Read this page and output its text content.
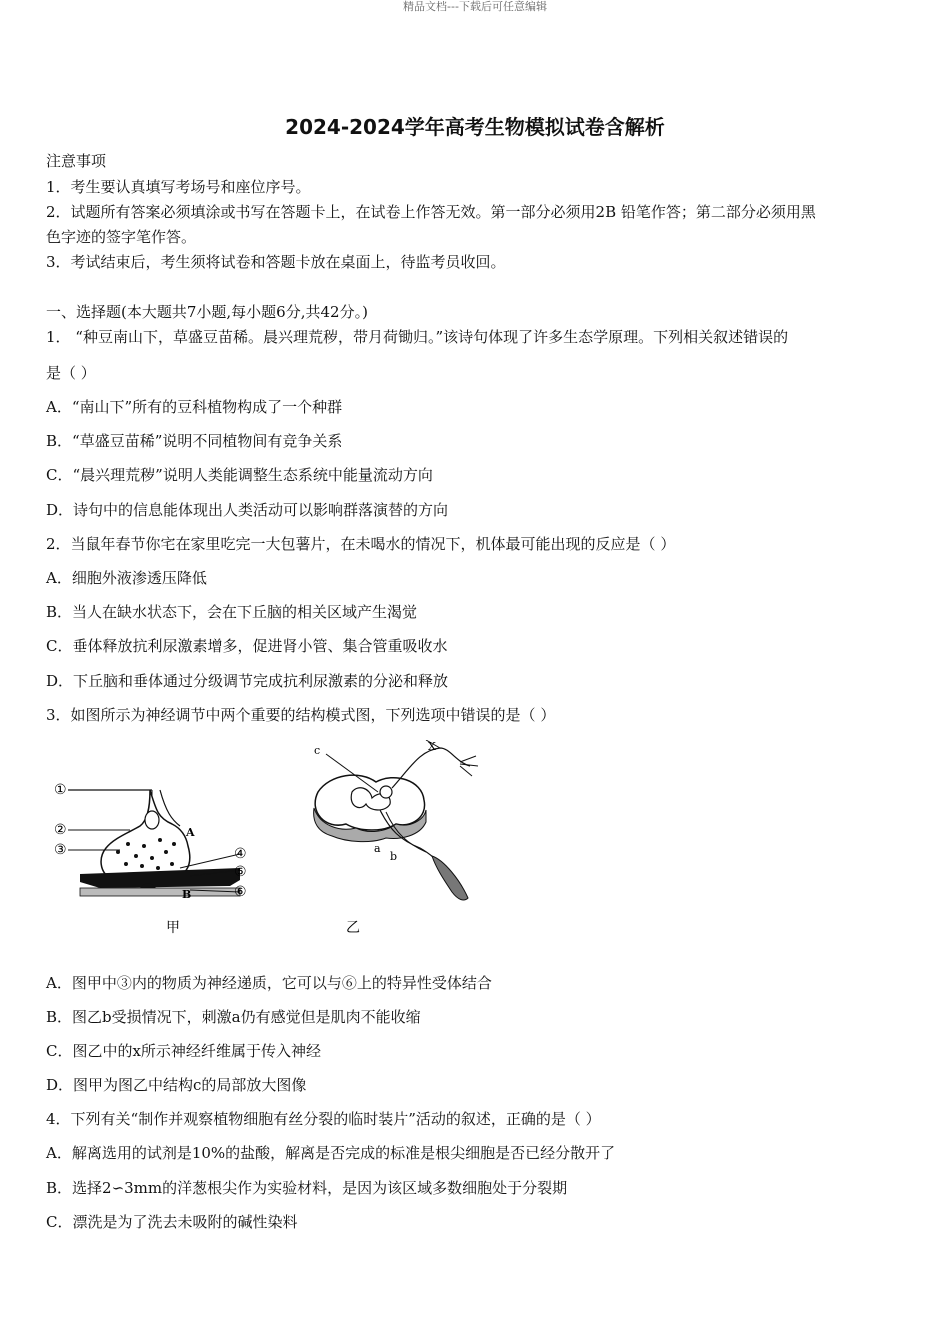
精品文档---下载后可任意编辑
2024-2024学年高考生物模拟试卷含解析
注意事项
1．考生要认真填写考场号和座位序号。
2．试题所有答案必须填涂或书写在答题卡上，在试卷上作答无效。第一部分必须用2B 铅笔作答；第二部分必须用黑
色字迹的签字笔作答。
3．考试结束后，考生须将试卷和答题卡放在桌面上，待监考员收回。
一、选择题(本大题共7小题,每小题6分,共42分。)
1． “种豆南山下，草盛豆苗稀。晨兴理荒秽，带月荷锄归。”该诗句体现了许多生态学原理。下列相关叙述错误的
是（ ）
A．“南山下”所有的豆科植物构成了一个种群
B．“草盛豆苗稀”说明不同植物间有竞争关系
C．“晨兴理荒秽”说明人类能调整生态系统中能量流动方向
D．诗句中的信息能体现出人类活动可以影响群落演替的方向
2．当鼠年春节你宅在家里吃完一大包薯片，在未喝水的情况下，机体最可能出现的反应是（ ）
A．细胞外液渗透压降低
B．当人在缺水状态下，会在下丘脑的相关区域产生渴觉
C．垂体释放抗利尿激素增多，促进肾小管、集合管重吸收水
D．下丘脑和垂体通过分级调节完成抗利尿激素的分泌和释放
3．如图所示为神经调节中两个重要的结构模式图，下列选项中错误的是（ ）
①
②
③	④
⑤
⑥
A
B
甲
c	X
a
b
乙
A．图甲中③内的物质为神经递质，它可以与⑥上的特异性受体结合
B．图乙b受损情况下，刺激a仍有感觉但是肌肉不能收缩
C．图乙中的x所示神经纤维属于传入神经
D．图甲为图乙中结构c的局部放大图像
4．下列有关“制作并观察植物细胞有丝分裂的临时装片”活动的叙述，正确的是（ ）
A．解离选用的试剂是10%的盐酸，解离是否完成的标准是根尖细胞是否已经分散开了
B．选择2∽3mm的洋葱根尖作为实验材料，是因为该区域多数细胞处于分裂期
C．漂洗是为了洗去未吸附的碱性染料
